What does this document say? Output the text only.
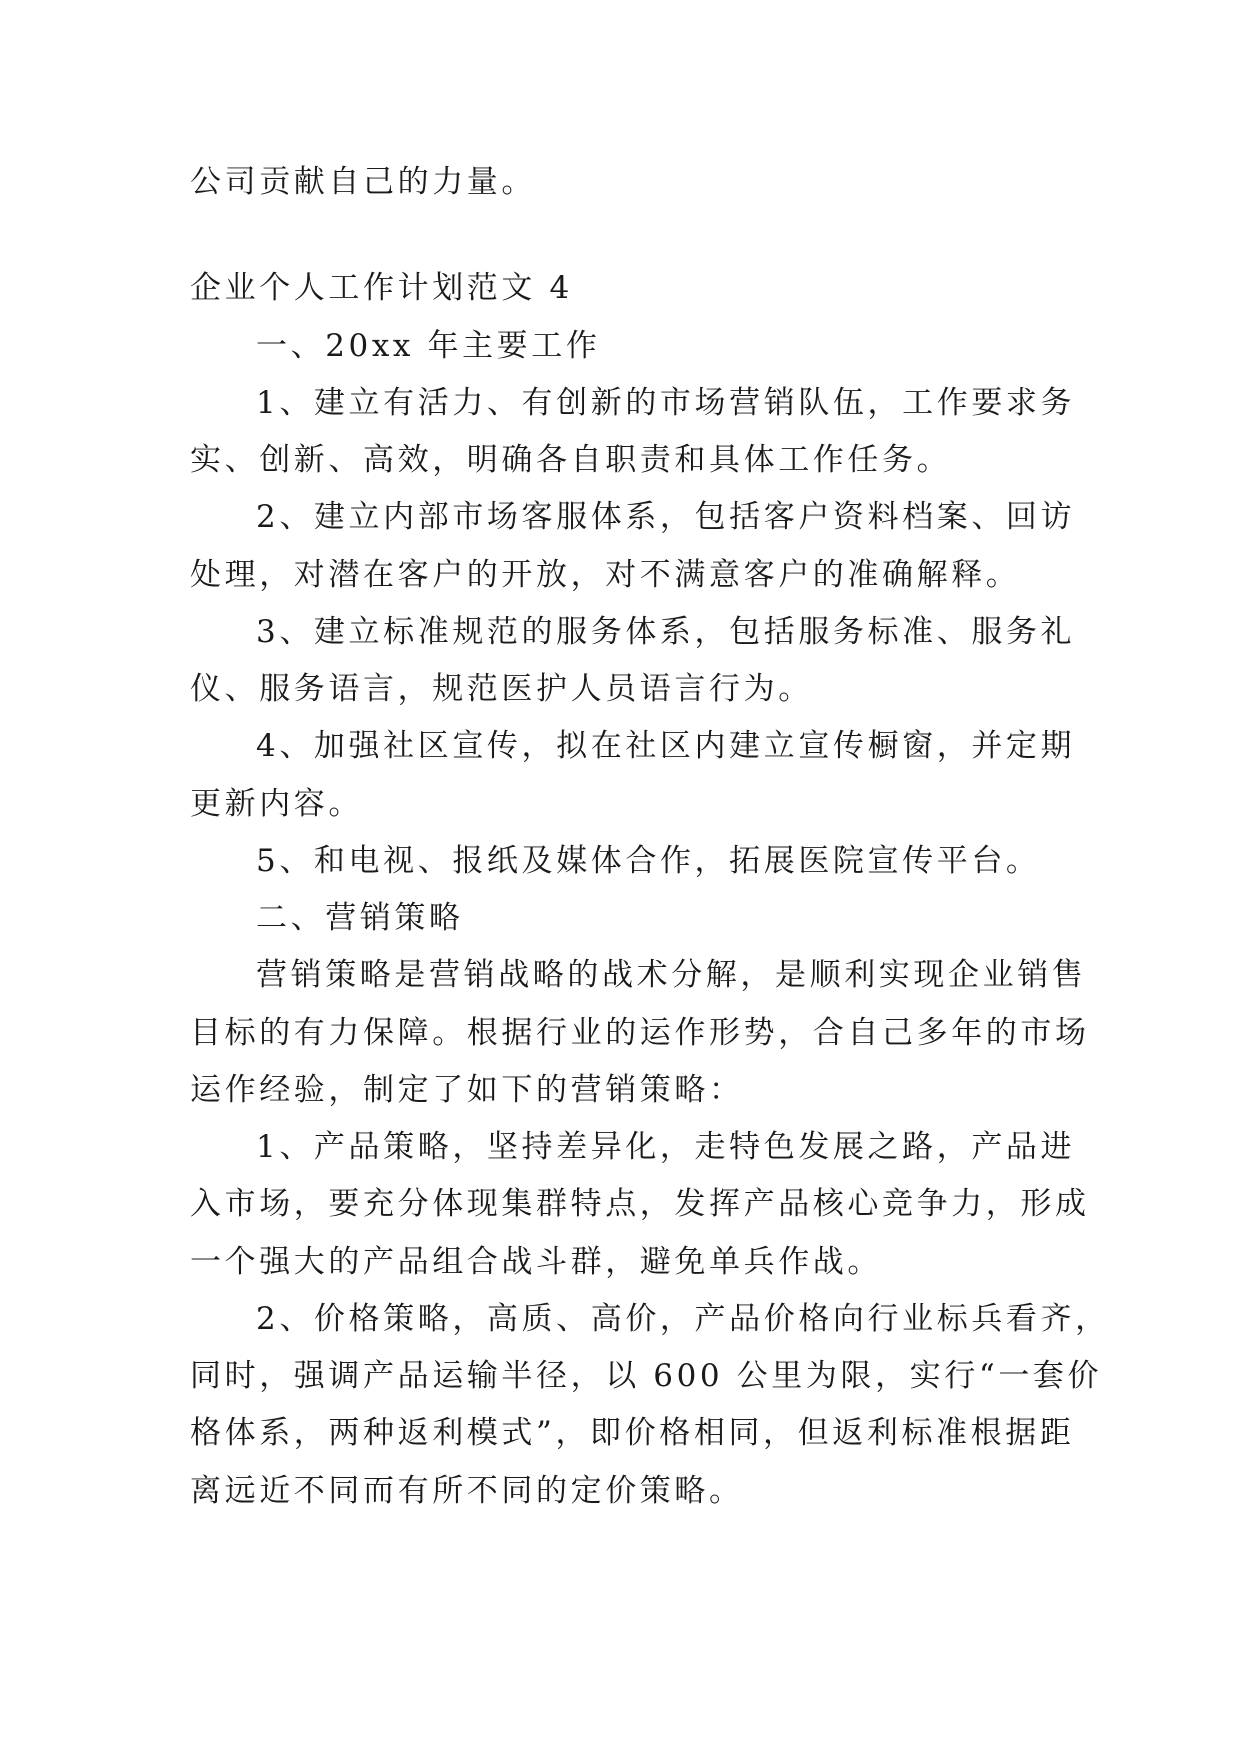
公司贡献自己的力量。
企业个人工作计划范文 4
一、20xx 年主要工作
1、建立有活力、有创新的市场营销队伍，工作要求务
实、创新、高效，明确各自职责和具体工作任务。
2、建立内部市场客服体系，包括客户资料档案、回访
处理，对潜在客户的开放，对不满意客户的准确解释。
3、建立标准规范的服务体系，包括服务标准、服务礼
仪、服务语言，规范医护人员语言行为。
4、加强社区宣传，拟在社区内建立宣传橱窗，并定期
更新内容。
5、和电视、报纸及媒体合作，拓展医院宣传平台。
二、营销策略
营销策略是营销战略的战术分解，是顺利实现企业销售
目标的有力保障。根据行业的运作形势，合自己多年的市场
运作经验，制定了如下的营销策略：
1、产品策略，坚持差异化，走特色发展之路，产品进
入市场，要充分体现集群特点，发挥产品核心竞争力，形成
一个强大的产品组合战斗群，避免单兵作战。
2、价格策略，高质、高价，产品价格向行业标兵看齐，
同时，强调产品运输半径，以 600 公里为限，实行“一套价
格体系，两种返利模式”，即价格相同，但返利标准根据距
离远近不同而有所不同的定价策略。
